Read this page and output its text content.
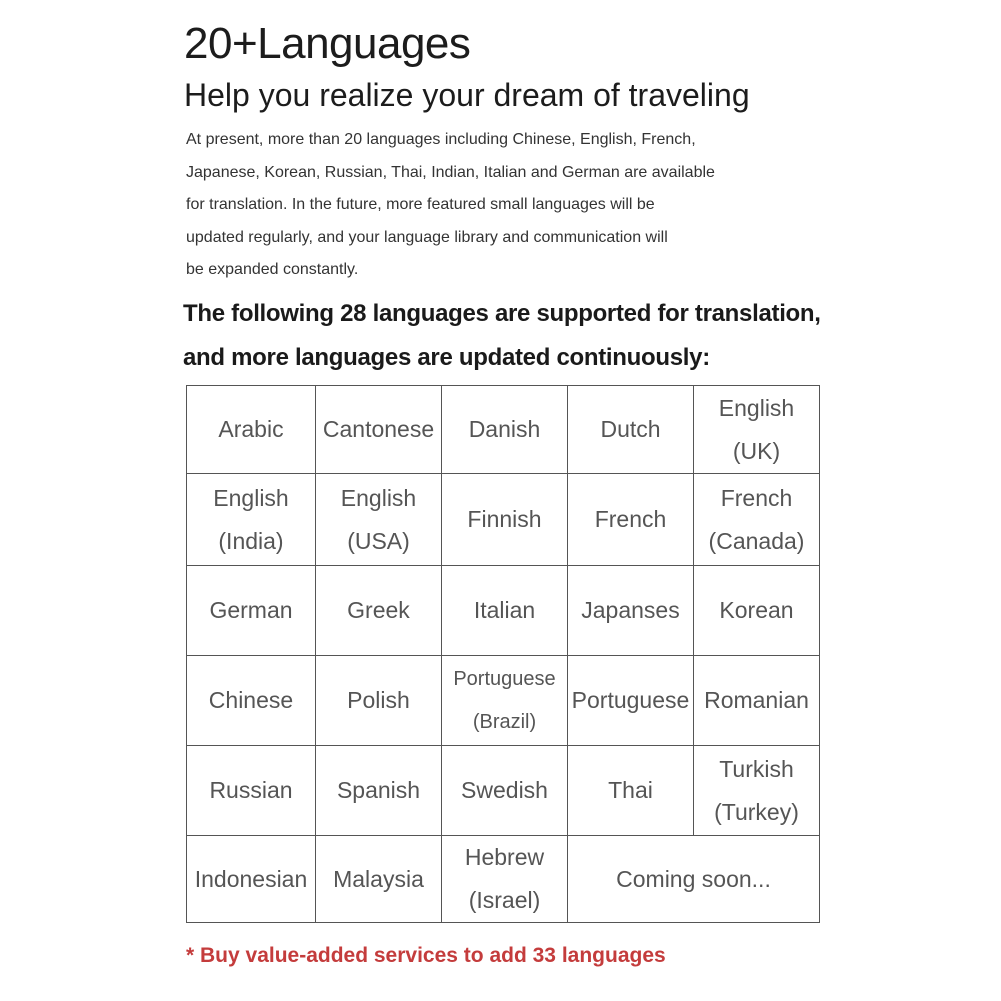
20+Languages
Help you realize your dream of traveling
At present, more than 20 languages including Chinese, English, French,
Japanese, Korean, Russian, Thai, Indian, Italian and German are available
for translation. In the future, more featured small languages will be
updated regularly, and your language library and communication will
be expanded constantly.
The following 28 languages are supported for translation,
and more languages are updated continuously:
Arabic	Cantonese	Danish	Dutch	English
(UK)

English
(India)	English
(USA)	Finnish	French	French
(Canada)

German	Greek	Italian	Japanses	Korean

Chinese	Polish	Portuguese
(Brazil)	Portuguese	Romanian

Russian	Spanish	Swedish	Thai	Turkish
(Turkey)

Indonesian	Malaysia	Hebrew
(Israel)	Coming soon...	
* Buy value-added services to add 33 languages
